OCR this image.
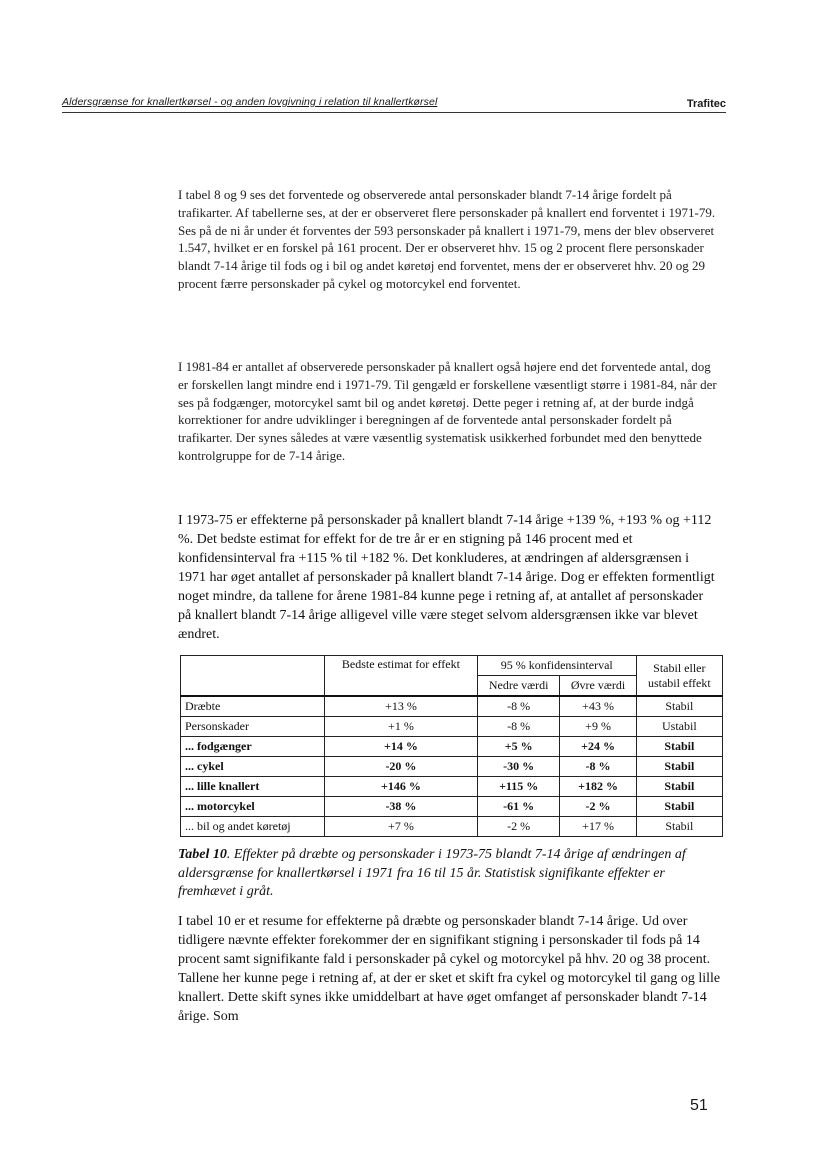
Aldersgrænse for knallertkørsel - og anden lovgivning i relation til knallertkørsel	Trafitec

I tabel 8 og 9 ses det forventede og observerede antal personskader blandt 7-14 årige fordelt på trafikarter. Af tabellerne ses, at der er observeret flere personskader på knallert end forventet i 1971-79. Ses på de ni år under ét forventes der 593 personskader på knallert i 1971-79, mens der blev observeret 1.547, hvilket er en forskel på 161 procent. Der er observeret hhv. 15 og 2 procent flere personskader blandt 7-14 årige til fods og i bil og andet køretøj end forventet, mens der er observeret hhv. 20 og 29 procent færre personskader på cykel og motorcykel end forventet.

I 1981-84 er antallet af observerede personskader på knallert også højere end det forventede antal, dog er forskellen langt mindre end i 1971-79. Til gengæld er forskellene væsentligt større i 1981-84, når der ses på fodgænger, motorcykel samt bil og andet køretøj. Dette peger i retning af, at der burde indgå korrektioner for andre udviklinger i beregningen af de forventede antal personskader fordelt på trafikarter. Der synes således at være væsentlig systematisk usikkerhed forbundet med den benyttede kontrolgruppe for de 7-14 årige.

I 1973-75 er effekterne på personskader på knallert blandt 7-14 årige +139 %, +193 % og +112 %. Det bedste estimat for effekt for de tre år er en stigning på 146 procent med et konfidensinterval fra +115 % til +182 %. Det konkluderes, at ændringen af aldersgrænsen i 1971 har øget antallet af personskader på knallert blandt 7-14 årige. Dog er effekten formentligt noget mindre, da tallene for årene 1981-84 kunne pege i retning af, at antallet af personskader på knallert blandt 7-14 årige alligevel ville være steget selvom aldersgrænsen ikke var blevet ændret.

	Bedste estimat for effekt	95 % konfidensinterval		Stabil eller
ustabil effekt
		Nedre værdi	Øvre værdi	
Dræbte	+13 %	-8 %	+43 %	Stabil
Personskader	+1 %	-8 %	+9 %	Ustabil
... fodgænger	+14 %	+5 %	+24 %	Stabil
... cykel	-20 %	-30 %	-8 %	Stabil
... lille knallert	+146 %	+115 %	+182 %	Stabil
... motorcykel	-38 %	-61 %	-2 %	Stabil
... bil og andet køretøj	+7 %	-2 %	+17 %	Stabil

Tabel 10. Effekter på dræbte og personskader i 1973-75 blandt 7-14 årige af ændringen af aldersgrænse for knallertkørsel i 1971 fra 16 til 15 år. Statistisk signifikante effekter er fremhævet i gråt.

I tabel 10 er et resume for effekterne på dræbte og personskader blandt 7-14 årige. Ud over tidligere nævnte effekter forekommer der en signifikant stigning i personskader til fods på 14 procent samt signifikante fald i personskader på cykel og motorcykel på hhv. 20 og 38 procent. Tallene her kunne pege i retning af, at der er sket et skift fra cykel og motorcykel til gang og lille knallert. Dette skift synes ikke umiddelbart at have øget omfanget af personskader blandt 7-14 årige. Som

51
